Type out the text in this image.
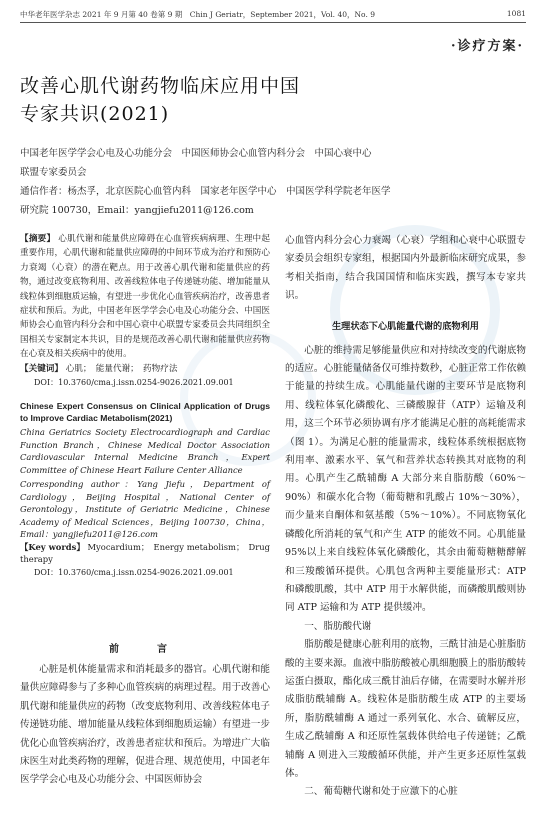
中华老年医学杂志 2021 年 9 月第 40 卷第 9 期　Chin J Geriatr，September 2021，Vol. 40，No. 9	1081
·诊疗方案·
改善心肌代谢药物临床应用中国
专家共识(2021)
中国老年医学学会心电及心功能分会　中国医师协会心血管内科分会　中国心衰中心
联盟专家委员会
通信作者：杨杰孚，北京医院心血管内科　国家老年医学中心　中国医学科学院老年医学
研究院 100730，Email：yangjiefu2011@126.com
【摘要】 心肌代谢和能量供应障碍在心血管疾病病理、生理中起重要作用，心肌代谢和能量供应障碍的中间环节成为治疗和预防心力衰竭（心衰）的潜在靶点。用于改善心肌代谢和能量供应的药物，通过改变底物利用、改善线粒体电子传递链功能、增加能量从线粒体到细胞质运输，有望进一步优化心血管疾病治疗，改善患者症状和预后。为此，中国老年医学学会心电及心功能分会、中国医师协会心血管内科分会和中国心衰中心联盟专家委员会共同组织全国相关专家制定本共识，目的是规范改善心肌代谢和能量供应药物在心衰及相关疾病中的使用。
【关键词】 心肌；　能量代谢；　药物疗法
DOI：10.3760/cma.j.issn.0254-9026.2021.09.001
Chinese Expert Consensus on Clinical Application of Drugs to Improve Cardiac Metabolism(2021)
China Geriatrics Society Electrocardiograph and Cardiac Function Branch，Chinese Medical Doctor Association Cardiovascular Internal Medicine Branch，Expert Committee of Chinese Heart Failure Center Alliance
Corresponding author：Yang Jiefu，Department of Cardiology，Beijing Hospital，National Center of Gerontology，Institute of Geriatric Medicine，Chinese Academy of Medical Sciences，Beijing 100730，China，Email：yangjiefu2011@126.com
【Key words】 Myocardium；　Energy metabolism；　Drug therapy
DOI：10.3760/cma.j.issn.0254-9026.2021.09.001
前　言

心脏是机体能量需求和消耗最多的器官。心肌代谢和能量供应障碍参与了多种心血管疾病的病理过程。用于改善心肌代谢和能量供应的药物（改变底物利用、改善线粒体电子传递链功能、增加能量从线粒体到细胞质运输）有望进一步优化心血管疾病治疗，改善患者症状和预后。为增进广大临床医生对此类药物的理解，促进合理、规范使用，中国老年医学学会心电及心功能分会、中国医师协会

心血管内科分会心力衰竭（心衰）学组和心衰中心联盟专家委员会组织专家组，根据国内外最新临床研究成果，参考相关指南，结合我国国情和临床实践，撰写本专家共识。

生理状态下心肌能量代谢的底物利用

心脏的维持需足够能量供应和对持续改变的代谢底物的适应。心脏能量储备仅可维持数秒，心脏正常工作依赖于能量的持续生成。心肌能量代谢的主要环节是底物利用、线粒体氧化磷酸化、三磷酸腺苷（ATP）运输及利用，这三个环节必须协调有序才能满足心脏的高耗能需求（图 1）。为满足心脏的能量需求，线粒体系统根据底物利用率、激素水平、氧气和营养状态转换其对底物的利用。心肌产生乙酰辅酶 A 大部分来自脂肪酸（60%～90%）和碳水化合物（葡萄糖和乳酸占 10%～30%），而少量来自酮体和氨基酸（5%～10%）。不同底物氧化磷酸化所消耗的氧气和产生 ATP 的能效不同。心肌能量 95%以上来自线粒体氧化磷酸化，其余由葡萄糖糖酵解和三羧酸循环提供。心肌包含两种主要能量形式：ATP 和磷酸肌酸，其中 ATP 用于水解供能，而磷酸肌酸则协同 ATP 运输和为 ATP 提供缓冲。

一、脂肪酸代谢

脂肪酸是健康心脏利用的底物，三酰甘油是心脏脂肪酸的主要来源。血液中脂肪酸被心肌细胞膜上的脂肪酸转运蛋白摄取，酯化成三酰甘油后存储，在需要时水解并形成脂肪酰辅酶 A。线粒体是脂肪酸生成 ATP 的主要场所，脂肪酰辅酶 A 通过一系列氧化、水合、硫解反应，生成乙酰辅酶 A 和还原性氢载体供给电子传递链；乙酰辅酶 A 则进入三羧酸循环供能，并产生更多还原性氢载体。

二、葡萄糖代谢和处于应激下的心脏
